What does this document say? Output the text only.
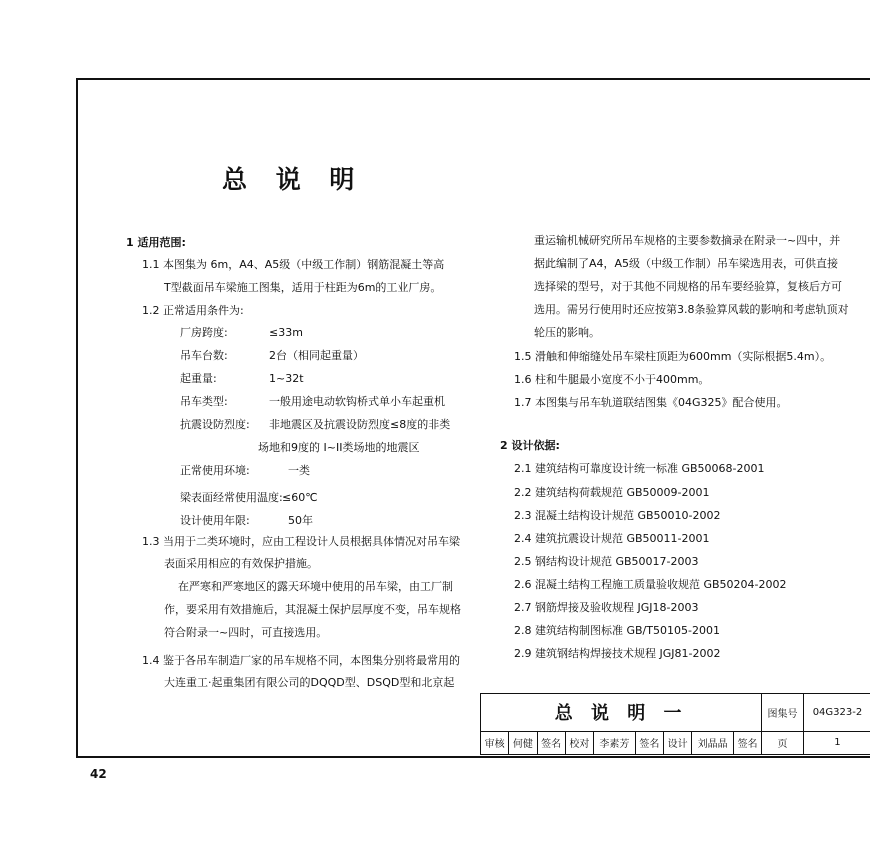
总 说 明
1 适用范围:
1.1 本图集为 6m，A4、A5级（中级工作制）钢筋混凝土等高
T型截面吊车梁施工图集，适用于柱距为6m的工业厂房。
1.2 正常适用条件为:
厂房跨度:	≤33m
吊车台数:	2台（相同起重量）
起重量:	1~32t
吊车类型:	一般用途电动软钩桥式单小车起重机
抗震设防烈度: 非地震区及抗震设防烈度≤8度的非类
场地和9度的 I~II类场地的地震区
正常使用环境:	一类
梁表面经常使用温度: ≤60℃
设计使用年限:	50年
1.3 当用于二类环境时，应由工程设计人员根据具体情况对吊车梁
表面采用相应的有效保护措施。
在严寒和严寒地区的露天环境中使用的吊车梁，由工厂制
作，要采用有效措施后，其混凝土保护层厚度不变，吊车规格
符合附录一~四时，可直接选用。
1.4 鉴于各吊车制造厂家的吊车规格不同，本图集分别将最常用的
大连重工·起重集团有限公司的DQQD型、DSQD型和北京起
重运输机械研究所吊车规格的主要参数摘录在附录一~四中，并
据此编制了A4，A5级（中级工作制）吊车梁选用表，可供直接
选择梁的型号，对于其他不同规格的吊车要经验算，复核后方可
选用。需另行使用时还应按第3.8条验算风载的影响和考虑轨顶对
轮压的影响。
1.5 滑触和伸缩缝处吊车梁柱顶距为600mm（实际根据5.4m）。
1.6 柱和牛腿最小宽度不小于400mm。
1.7 本图集与吊车轨道联结图集《04G325》配合使用。
2 设计依据:
2.1 建筑结构可靠度设计统一标准 GB50068-2001
2.2 建筑结构荷载规范 GB50009-2001
2.3 混凝土结构设计规范 GB50010-2002
2.4 建筑抗震设计规范 GB50011-2001
2.5 钢结构设计规范 GB50017-2003
2.6 混凝土结构工程施工质量验收规范 GB50204-2002
2.7 钢筋焊接及验收规程 JGJ18-2003
2.8 建筑结构制图标准 GB/T50105-2001
2.9 建筑钢结构焊接技术规程 JGJ81-2002
总 说 明 一									图集号	04G323-2
审核	何健	签名	校对	李素芳	签名	设计	刘晶晶	签名	页	1
42
